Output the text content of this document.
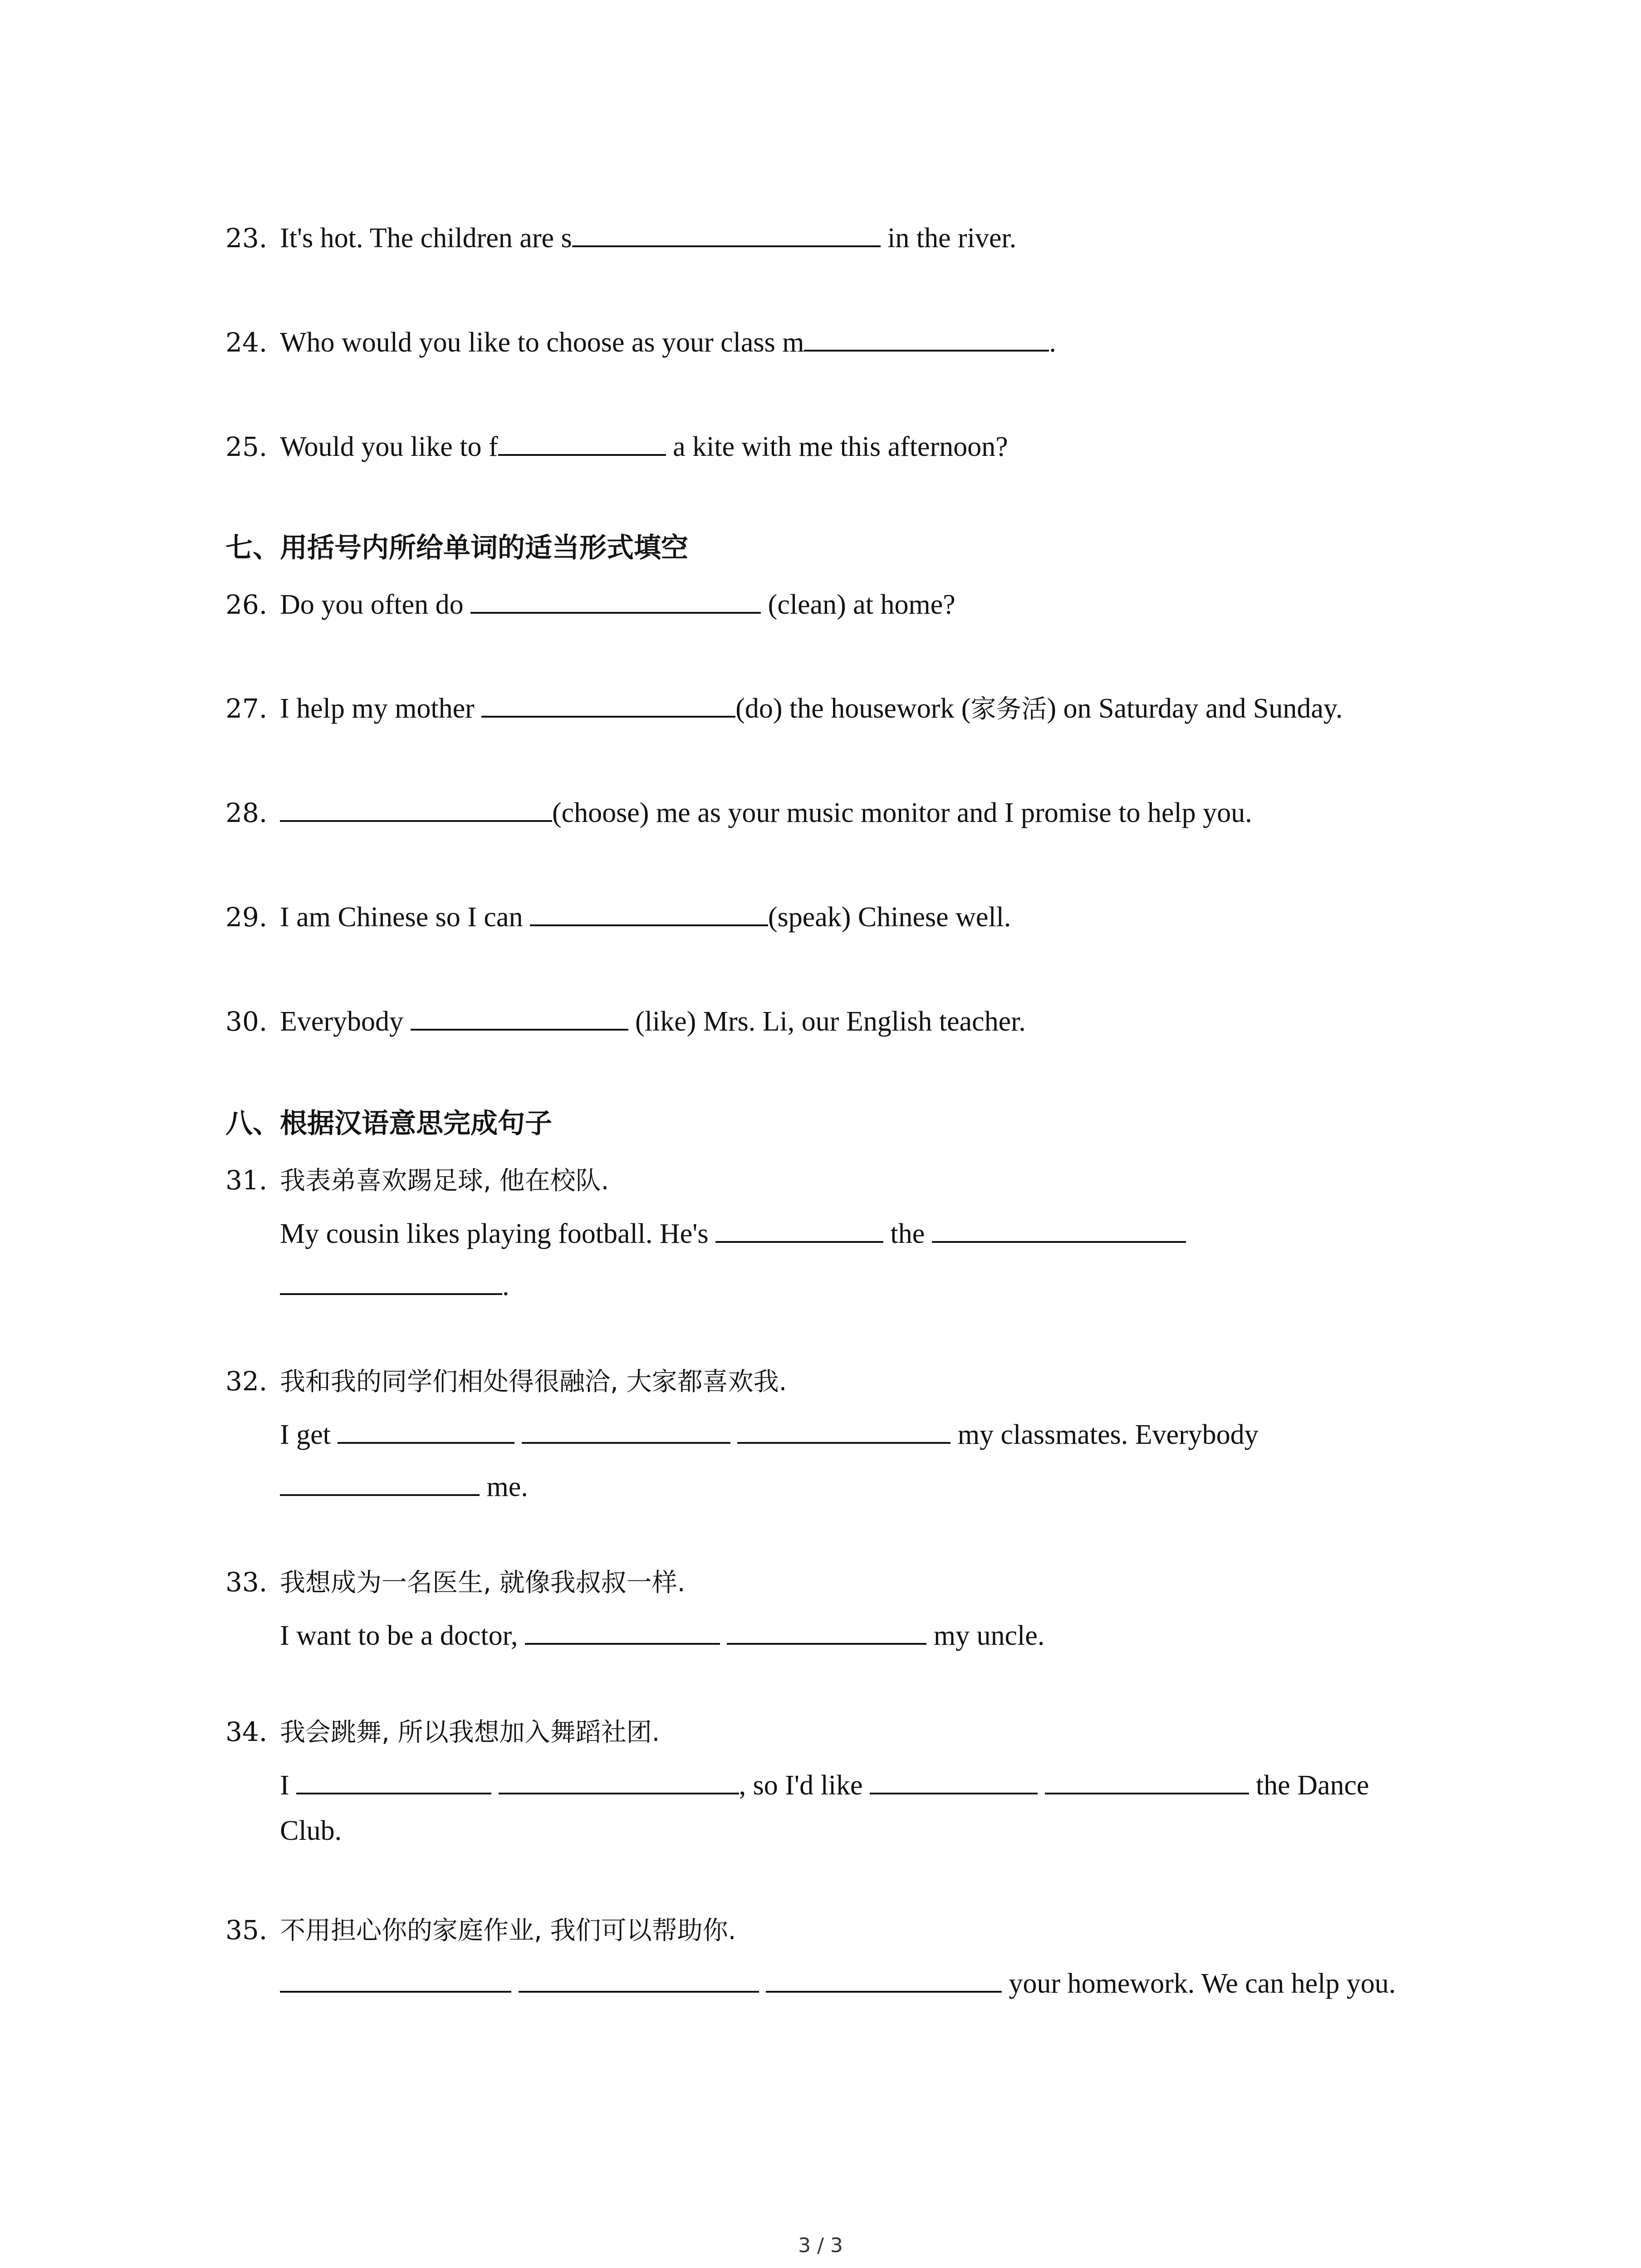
23. It's hot. The children are s	in the river.
24. Who would you like to choose as your class m	.
25. Would you like to f	a kite with me this afternoon?
七、用括号内所给单词的适当形式填空
26. Do you often do	(clean) at home?
27. I help my mother	(do) the housework (家务活) on Saturday and Sunday.
28.	(choose) me as your music monitor and I promise to help you.
29. I am Chinese so I can	(speak) Chinese well.
30. Everybody	(like) Mrs. Li, our English teacher.
八、根据汉语意思完成句子
31. 我表弟喜欢踢足球, 他在校队.
My cousin likes playing football. He's	the
.
32. 我和我的同学们相处得很融洽, 大家都喜欢我.
I get	my classmates. Everybody
me.
33. 我想成为一名医生, 就像我叔叔一样.
I want to be a doctor,	my uncle.
34. 我会跳舞, 所以我想加入舞蹈社团.
I	, so I'd like	the Dance
Club.
35. 不用担心你的家庭作业, 我们可以帮助你.
your homework. We can help you.
3 / 3
